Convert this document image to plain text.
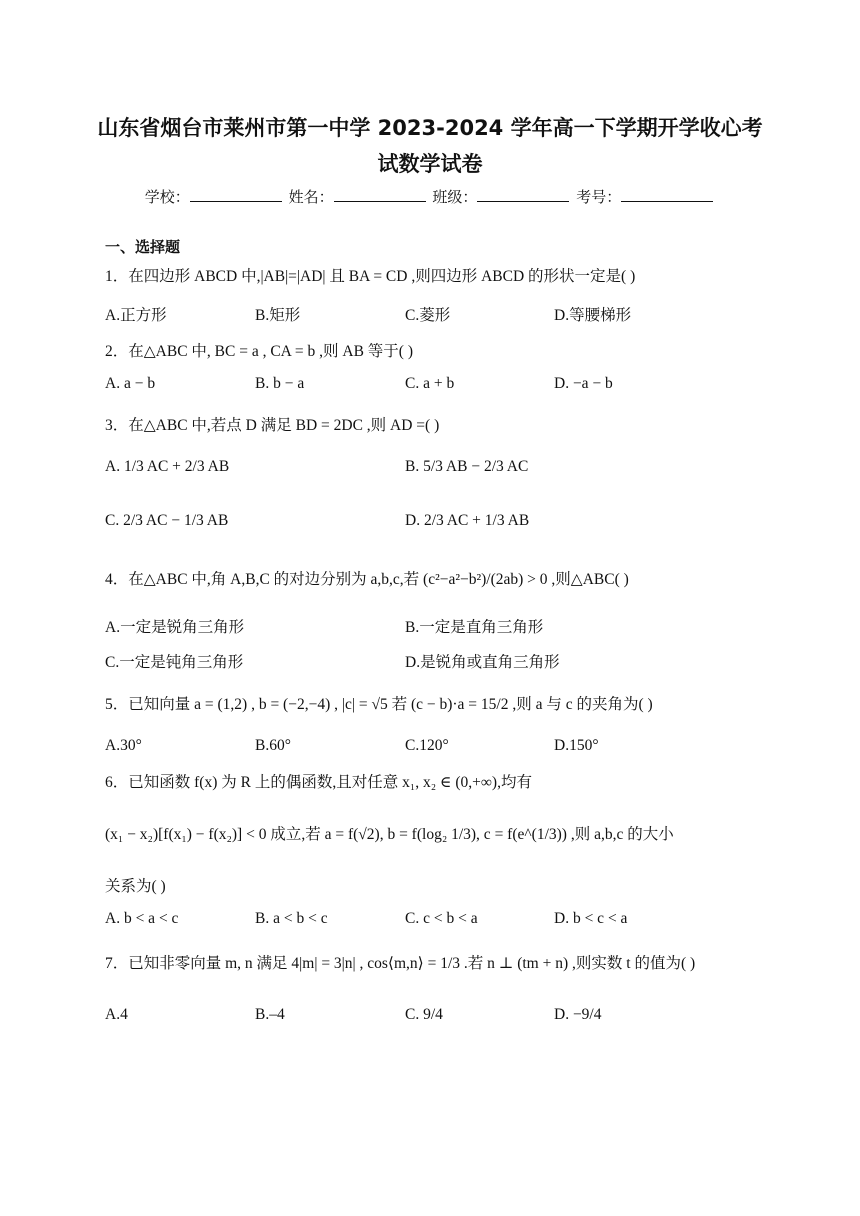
山东省烟台市莱州市第一中学 2023-2024 学年高一下学期开学收心考
试数学试卷
学校：	姓名：	班级：	考号：
一、选择题
1．在四边形 ABCD 中,|AB|=|AD| 且 BA = CD ,则四边形 ABCD 的形状一定是( )
A.正方形	B.矩形	C.菱形	D.等腰梯形
2．在△ABC 中, BC = a , CA = b ,则 AB 等于( )
A. a − b	B. b − a	C. a + b	D. −a − b
3．在△ABC 中,若点 D 满足 BD = 2DC ,则 AD =( )
A. 1/3 AC + 2/3 AB	B. 5/3 AB − 2/3 AC
C. 2/3 AC − 1/3 AB	D. 2/3 AC + 1/3 AB
4．在△ABC 中,角 A,B,C 的对边分别为 a,b,c,若 (c²−a²−b²)/(2ab) > 0 ,则△ABC( )
A.一定是锐角三角形	B.一定是直角三角形
C.一定是钝角三角形	D.是锐角或直角三角形
5．已知向量 a = (1,2) , b = (−2,−4) , |c| = √5 若 (c − b)·a = 15/2 ,则 a 与 c 的夹角为( )
A.30°	B.60°	C.120°	D.150°
6．已知函数 f(x) 为 R 上的偶函数,且对任意 x₁, x₂ ∈ (0,+∞),均有
(x₁ − x₂)[f(x₁) − f(x₂)] < 0 成立,若 a = f(√2), b = f(log₂ 1/3), c = f(e^(1/3)) ,则 a,b,c 的大小
关系为( )
A. b < a < c	B. a < b < c	C. c < b < a	D. b < c < a
7．已知非零向量 m, n 满足 4|m| = 3|n| , cos⟨m,n⟩ = 1/3 .若 n ⊥ (tm + n) ,则实数 t 的值为( )
A.4	B.–4	C. 9/4	D. −9/4
